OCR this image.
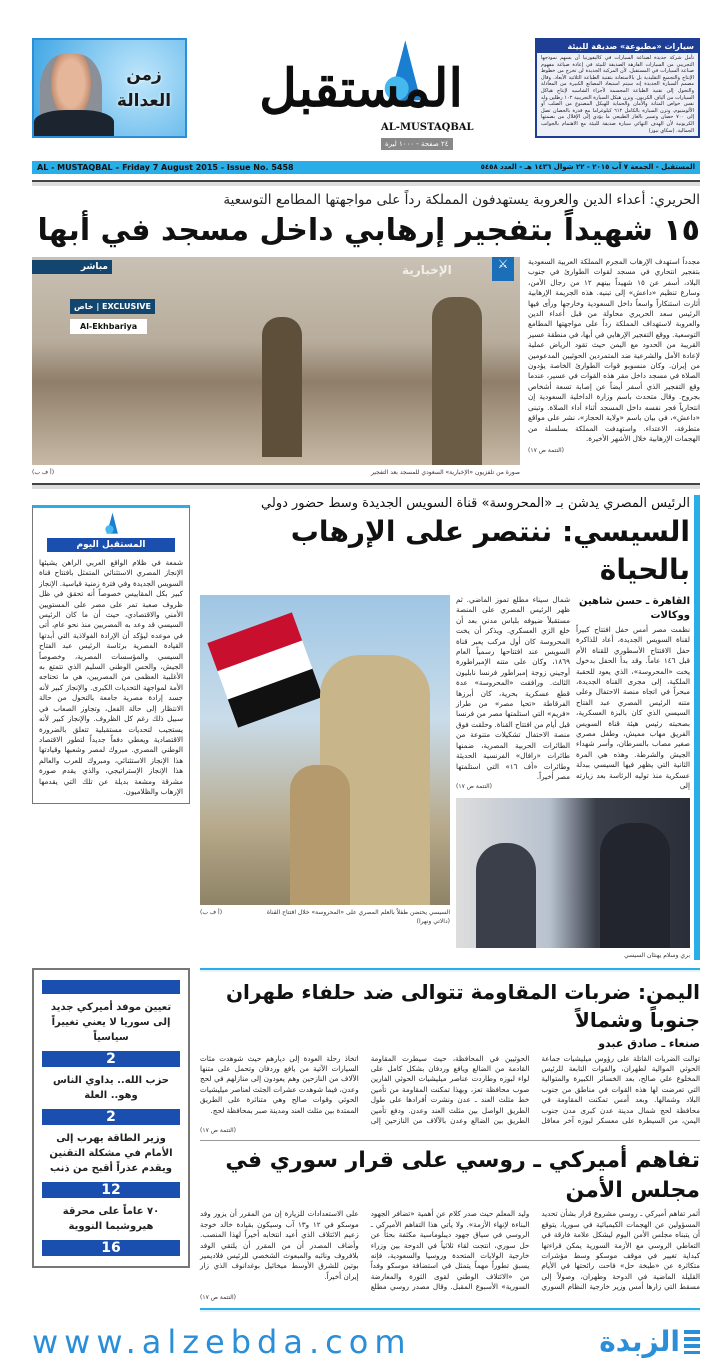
زمن العدالة	المستقبل
AL-MUSTAQBAL
٢٤ صفحة - ١٠٠٠ ليرة
سيارات «مطبوعة» صديقة للبيئة
تأمل شركة جديدة لصناعة السيارات في كاليفورنيا أن يسهم نموذجها التجريبي من السيارات الفارهة الصديقة للبيئة في إعادة صياغة مفهوم صناعة السيارات في المستقبل. لأن المركبة الجديدة لن تخرج من خطوط الإنتاج والتجميع التقليدية بل بالاستعانة بتقنية الطباعة الثلاثية الأبعاد. وقال مصمم السيارة الجديدة إنه سيتم استبعاد المصانع الكبيرة من المعادلة والتحول إلى تقنية الطباعة المجسمة لأجزاء الشاسيه لإنتاج هياكل السيارات من ألياف الكربون. ويزن هيكل السيارة التجريبية ١٠٢ رطلين وله نفس خواص المتانة والأمان والحماية للهيكل المصنوع من الصلب أو الألومنيوم. وتزن السيارة بالكامل ٦١٢ كيلوغراما مع قدرة بالحصان تصل إلى ٧٠٠ حصان وتسير بالغاز الطبيعي ما يؤدي إلى الإقلال من بصمتها الكربونية لأن الهدف النهائي سيارة صديقة للبيئة مع الاهتمام بالجوانب الجمالية. (سكاي نيوز)
AL - MUSTAQBAL – Friday 7 August 2015 - Issue No. 5458	المستقبل - الجمعة ٧ آب ٢٠١٥ - ٢٢ شوال ١٤٣٦ هـ - العدد ٥٤٥٨
الحريري: أعداء الدين والعروبة يستهدفون المملكة رداً على مواجهتها المطامع التوسعية
١٥ شهيداً بتفجير إرهابي داخل مسجد في أبها
مباشر
خاص | EXCLUSIVE
Al-Ekhbariya
الإخبارية	⚔	مجدداً استهدف الإرهاب المجرم المملكة العربية السعودية بتفجير انتحاري في مسجد لقوات الطوارئ في جنوب البلاد، أسفر عن ١٥ شهيداً بينهم ١٢ من رجال الأمن، وسارع تنظيم «داعش» إلى تبنيه. هذه الجريمة الإرهابية أثارت استنكاراً واسعاً داخل السعودية وخارجها ورأى فيها الرئيس سعد الحريري محاولة من قبل أعداء الدين والعروبة لاستهداف المملكة رداً على مواجهتها المطامع التوسعية. ووقع التفجير الإرهابي في أبها، في منطقة عسير القريبة من الحدود مع اليمن حيث تقود الرياض عملية لإعادة الأمل والشرعية ضد المتمردين الحوثيين المدعومين من إيران. وكان منسوبو قوات الطوارئ الخاصة يؤدون الصلاة في مسجد داخل مقر هذه القوات في عسير، عندما وقع التفجير الذي أسفر أيضاً عن إصابة تسعة أشخاص بجروح. وقال متحدث باسم وزارة الداخلية السعودية إن انتحارياً فجر نفسه داخل المسجد أثناء أداء الصلاة. وتبنى «داعش»، في بيان باسم «ولاية الحجاز»، نشر على مواقع متطرفة، الاعتداء. واستهدفت المملكة بسلسلة من الهجمات الإرهابية خلال الأشهر الأخيرة.
(التتمة ص ١٧)
(أ ف ب)	صورة من تلفزيون «الإخبارية» السعودي للمسجد بعد التفجير
المستقبل اليوم
شمعة في ظلام الواقع العربي الراهن يشيئها الإنجاز المصري الاستثنائي المتمثل بافتتاح قناة السويس الجديدة وفي فترة زمنية قياسية. الإنجاز كبير بكل المقاييس خصوصاً أنه تحقق في ظل ظروف صعبة تمر على مصر على المستويين الأمني والاقتصادي، حيث أن ما كان الرئيس السيسي قد وعد به المصريين منذ نحو عام، أتى في موعده ليؤكد أن الإرادة الفولاذية التي أبدتها القيادة المصرية برئاسة الرئيس عبد الفتاح السيسي والمؤسسات المصرية، وخصوصاً الجيش، والحس الوطني السليم الذي تتمتع به الأغلبية العظمى من المصريين، هي ما تحتاجه الأمة لمواجهة التحديات الكبرى. والإنجاز كبير لأنه جسد إرادة مصرية جامعة بالتحول من حالة الانتظار إلى حالة الفعل، وتجاوز الصعاب في سبيل ذلك رغم كل الظروف. والإنجاز كبير لأنه يستجيب لتحديات مستقبلية تتعلق بالضرورة الاقتصادية ويعطي دفعاً جديداً لتطور الاقتصاد الوطني المصري. مبروك لمصر وشعبها وقيادتها هذا الإنجاز الاستثنائي، ومبروك للعرب والعالم هذا الإنجاز الإستراتيجي، والذي يقدم صورة مشرقة ومشعة بديلة عن تلك التي يقدمها الإرهاب والظلاميون.
الرئيس المصري يدشن بـ «المحروسة» قناة السويس الجديدة وسط حضور دولي
السيسي: ننتصر على الإرهاب بالحياة
(أ ف ب)	السيسي يحتضن طفلاً بالعلم المصري على «المحروسة» خلال افتتاح القناة
(دالاتي ونهرا)
القاهرة ـ حسن شاهين ووكالات
نظمت مصر أمس حفل افتتاح كبيراً لقناة السويس الجديدة، أعاد للذاكرة حفل الافتتاح الأسطوري للقناة الأم قبل ١٤٦ عاماً. وقد بدأ الحفل بدخول يخت «المحروسة»، الذي يعود للحقبة الملكية، إلى مجرى القناة الجديدة، مبحراً في اتجاه منصة الاحتفال وعلى متنه الرئيس المصري عبد الفتاح السيسي الذي كان بالبزة العسكرية، بصحبته رئيس هيئة قناة السويس الفريق مهاب مميش، وطفل مصري صغير مصاب بالسرطان، وأسر شهداء الجيش والشرطة. وهذه هي المرة الثانية التي يظهر فيها السيسي ببدلة عسكرية منذ توليه الرئاسة بعد زيارته إلى
شمال سيناء مطلع تموز الماضي. ثم ظهر الرئيس المصري على المنصة مستقبلاً ضيوفه بلباس مدني بعد أن خلع الزي العسكري. ويذكر أن يخت المحروسة كان أول مركب يعبر قناة السويس عند افتتاحها رسمياً العام ١٨٦٩، وكان على متنه الإمبراطورة أوجيني زوجة إمبراطور فرنسا نابليون الثالث. ورافقت «المحروسة» عدة قطع عسكرية بحرية، كان أبرزها الفرقاطة «تحيا مصر» من طراز «فريم» التي استلمتها مصر من فرنسا قبل أيام من افتتاح القناة. وحلقت فوق منصة الاحتفال تشكيلات متنوعة من الطائرات الحربية المصرية، ضمنها طائرات «رافال» الفرنسية الحديثة وطائرات «أف ١٦» التي استلمتها مصر أخيراً.
(التتمة ص ١٧)
بري وسلام يهنئان السيسي
تعيين موفد أميركي جديد إلى سوريا لا يعني تغييراً سياسياً
2
حزب الله.. يداوي الناس وهو.. العلة
2
وزير الطاقة يهرب إلى الأمام في مشكلة التقنين ويقدم عذراً أقبح من ذنب
12
٧٠ عاماً على محرقة هيروشيما النووية
16
اليمن: ضربات المقاومة تتوالى ضد حلفاء طهران جنوباً وشمالاً
صنعاء ـ صادق عبدو
توالت الضربات القاتلة على رؤوس ميليشيات جماعة الحوثي الموالية لطهران، والقوات التابعة للرئيس المخلوع علي صالح، بعد الخسائر الكبيرة والمتوالية التي تعرضت لها هذه القوات في مناطق من جنوب البلاد وشمالها. وبعد أمس تمكنت المقاومة في محافظة لحج شمال مدينة عدن كبرى مدن جنوب اليمن، من السيطرة على معسكر لبوزه آخر معاقل الحوثيين في المحافظة، حيث سيطرت المقاومة القادمة من الضالع ويافع وردفان بشكل كامل على لواء لبوزه وطاردت عناصر ميليشيات الحوثي الفارين صوب محافظة تعز، وبهذا تمكنت المقاومة من تأمين خط مثلث العند ـ عدن ونشرت أفرادها على طول الطريق الواصل بين مثلث العند وعدن. ودفع تأمين الطريق بين الضالع وعدن بالآلاف من النازحين إلى اتخاذ رحلة العودة إلى ديارهم حيث شوهدت مئات السيارات الآتية من يافع وردفان وتحمل على متنها الآلاف من النازحين وهم يعودون إلى منازلهم في لحج وعدن، فيما شوهدت عشرات الجثث لعناصر ميليشيات الحوثي وقوات صالح وهي متناثرة على الطريق الممتدة بين مثلث العند ومدينة صبر بمحافظة لحج.
(التتمة ص ١٧)
تفاهم أميركي ـ روسي على قرار سوري في مجلس الأمن
أثمر تفاهم أميركي ـ روسي مشروع قرار بشأن تحديد المسؤولين عن الهجمات الكيميائية في سوريا، يتوقع أن يتبناه مجلس الأمن اليوم ليشكل علامة فارقة في التعاطي الروسي مع الأزمة السورية يمكن قراءتها كبداية تغيير في موقف موسكو وسط مؤشرات متكاثرة عن «طبخة حل» فاحت رائحتها في الأيام القليلة الماضية في الدوحة وطهران، وصولاً إلى مسقط التي زارها أمس وزير خارجية النظام السوري وليد المعلم حيث صدر كلام عن أهمية «تضافر الجهود البناءة لإنهاء الأزمة». ولا يأتي هذا التفاهم الأميركي ـ الروسي في سياق جهود ديبلوماسية مكثفة بحثاً عن حل سوري، انتجت لقاء ثلاثياً في الدوحة بين وزراء خارجية الولايات المتحدة وروسيا والسعودية، فإنه يسبق تطوراً مهماً يتمثل في استضافة موسكو وفداً من «الائتلاف الوطني لقوى الثورة والمعارضة السورية» الأسبوع المقبل. وقال مصدر روسي مطلع على الاستعدادات للزيارة إن من المقرر أن يزور وفد موسكو في ١٢ و١٣ آب وسيكون بقيادة خالد خوجة زعيم الائتلاف الذي أعيد انتخابه أخيراً لهذا المنصب. وأضاف المصدر أن من المقرر أن يلتقي الوفد بلافروف ونائبه والمبعوث الشخصي للرئيس فلاديمير بوتين للشرق الأوسط ميخائيل بوغدانوف الذي زار إيران أخيراً.
(التتمة ص ١٧)
www.alzebda.com	الزبدة
